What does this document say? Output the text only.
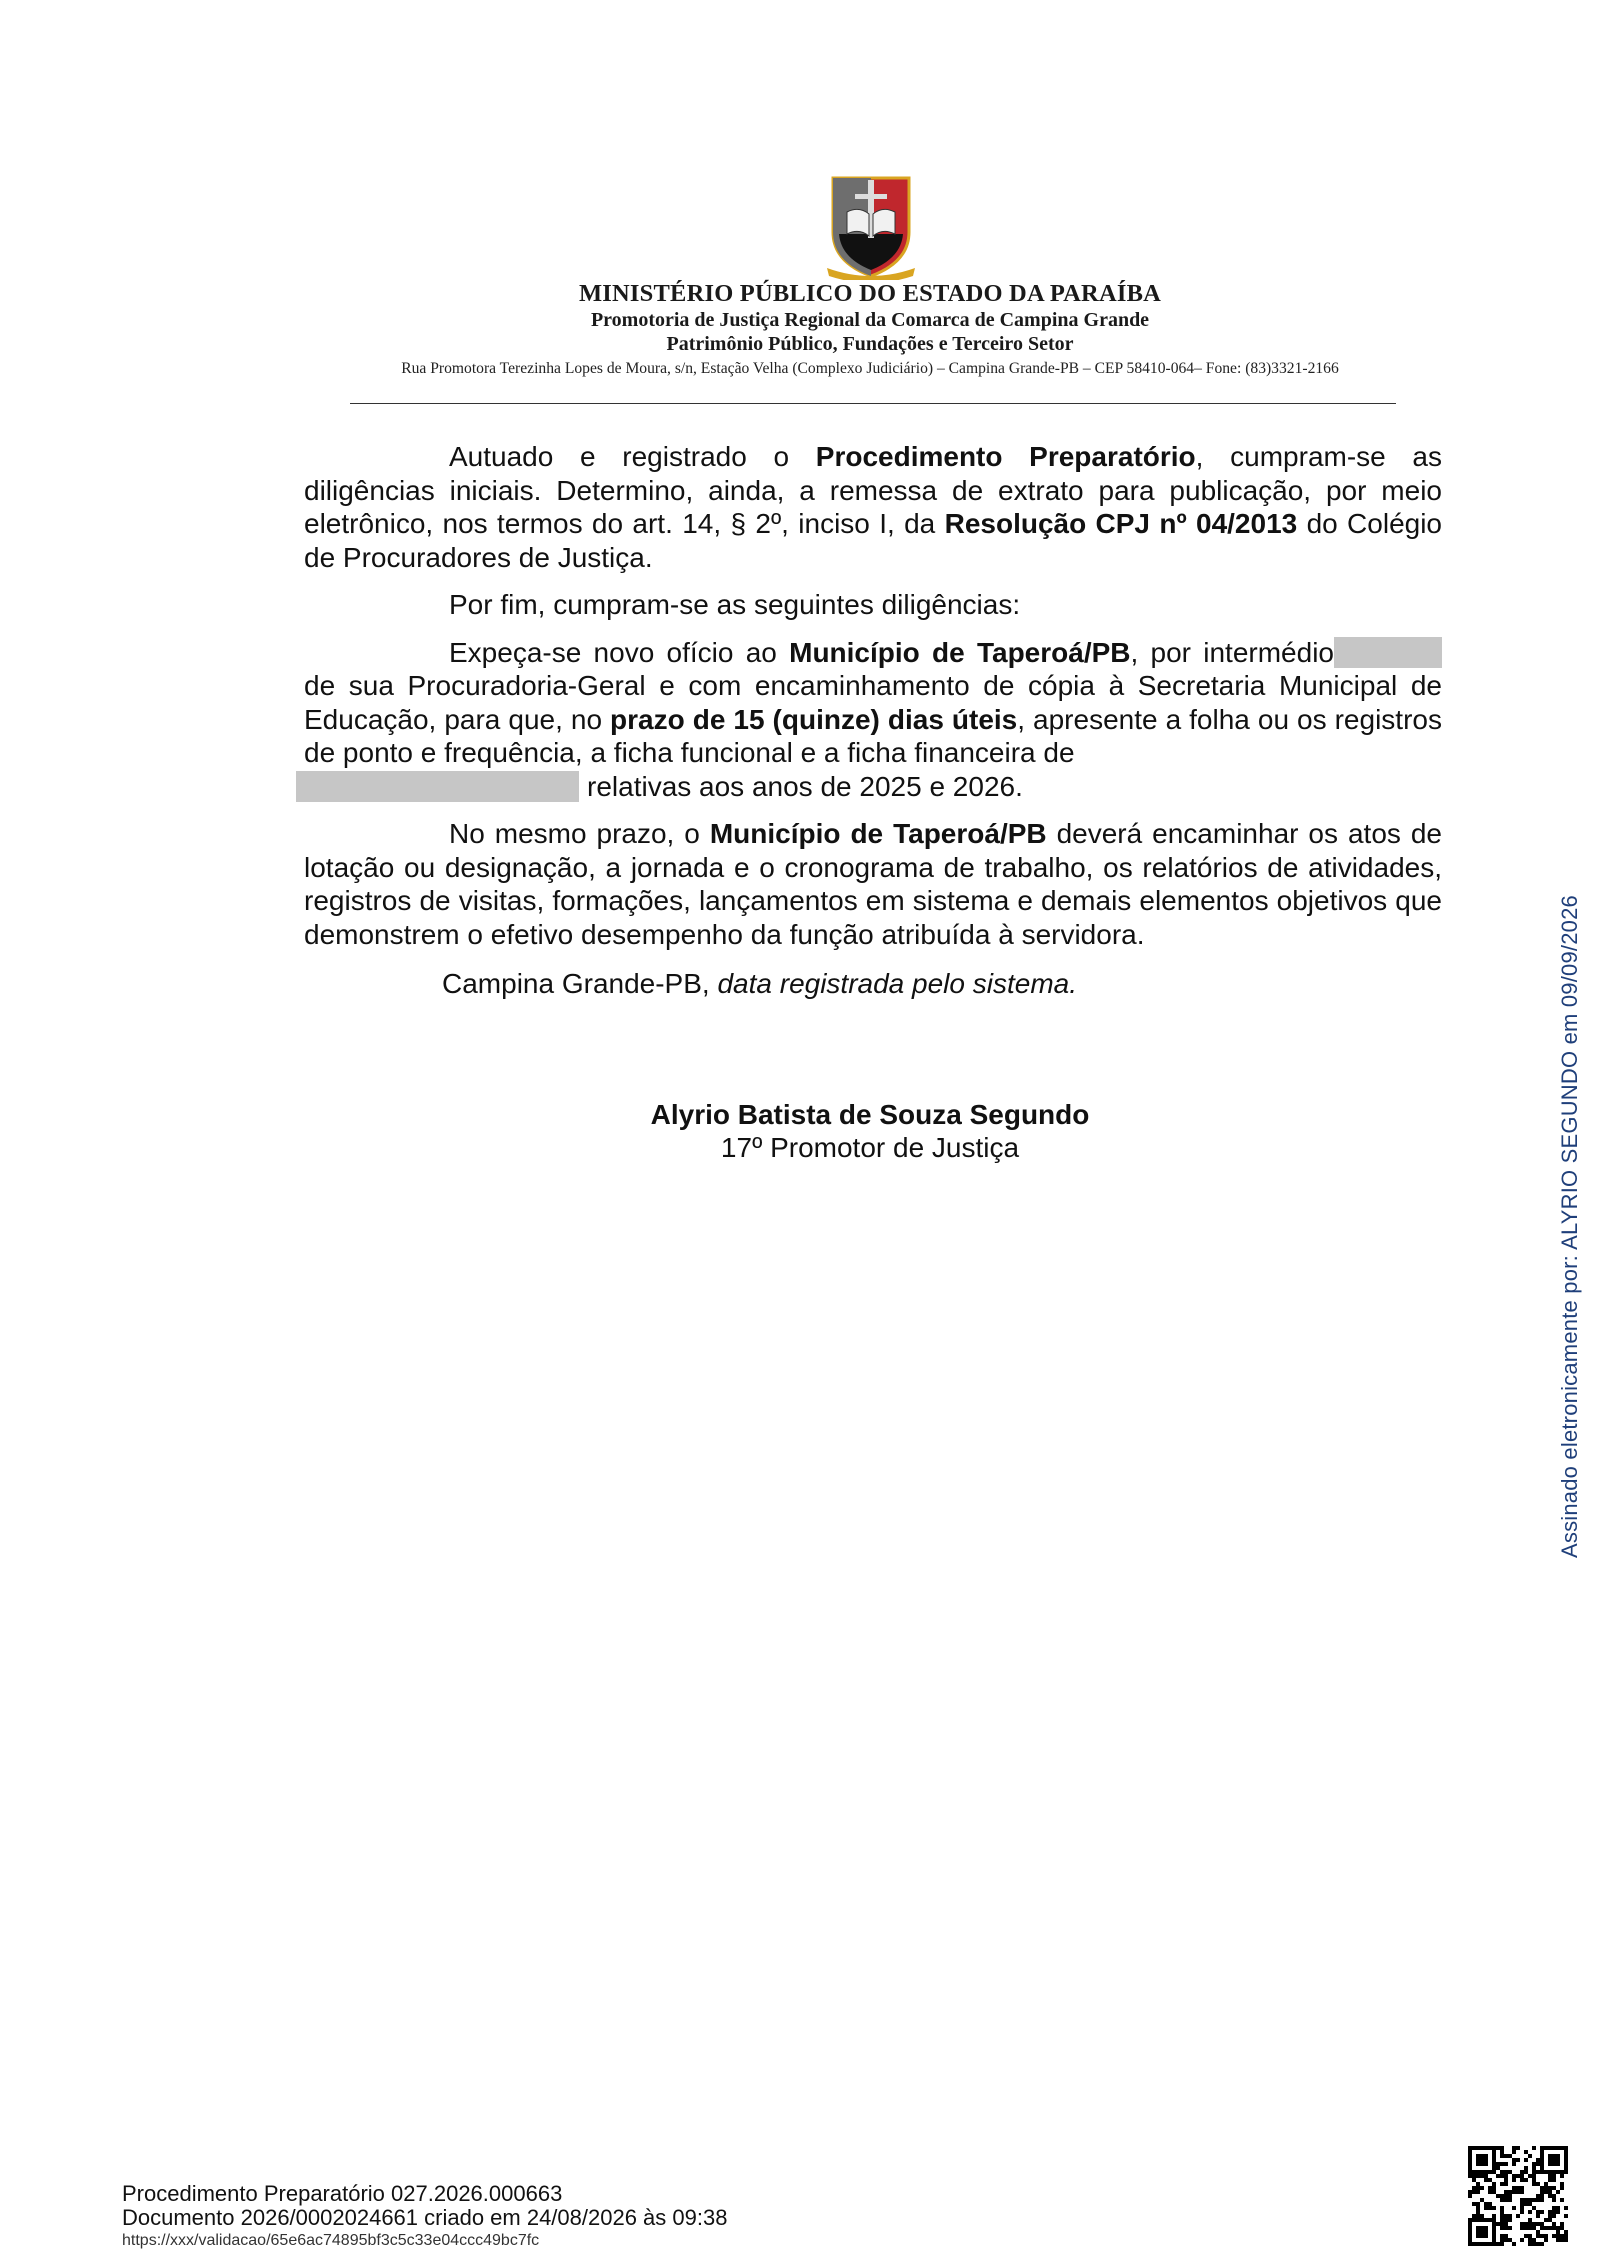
MINISTÉRIO PÚBLICO DO ESTADO DA PARAÍBA
Promotoria de Justiça Regional da Comarca de Campina Grande
Patrimônio Público, Fundações e Terceiro Setor
Rua Promotora Terezinha Lopes de Moura, s/n, Estação Velha (Complexo Judiciário) – Campina Grande-PB – CEP 58410-064– Fone: (83)3321-2166

Autuado e registrado o Procedimento Preparatório, cumpram-se as diligências iniciais. Determino, ainda, a remessa de extrato para publicação, por meio eletrônico, nos termos do art. 14, § 2º, inciso I, da Resolução CPJ nº 04/2013 do Colégio de Procuradores de Justiça.

Por fim, cumpram-se as seguintes diligências:

Expeça-se novo ofício ao Município de Taperoá/PB, por intermédio de sua Procuradoria-Geral e com encaminhamento de cópia à Secretaria Municipal de Educação, para que, no prazo de 15 (quinze) dias úteis, apresente a folha ou os registros de ponto e frequência, a ficha funcional e a ficha financeira de
relativas aos anos de 2025 e 2026.

No mesmo prazo, o Município de Taperoá/PB deverá encaminhar os atos de lotação ou designação, a jornada e o cronograma de trabalho, os relatórios de atividades, registros de visitas, formações, lançamentos em sistema e demais elementos objetivos que demonstrem o efetivo desempenho da função atribuída à servidora.

Campina Grande-PB, data registrada pelo sistema.

Alyrio Batista de Souza Segundo
17º Promotor de Justiça	Assinado eletronicamente por: ALYRIO SEGUNDO em 09/09/2026
Procedimento Preparatório 027.2026.000663
Documento 2026/0002024661 criado em 24/08/2026 às 09:38
https://xxx/validacao/65e6ac74895bf3c5c33e04ccc49bc7fc
